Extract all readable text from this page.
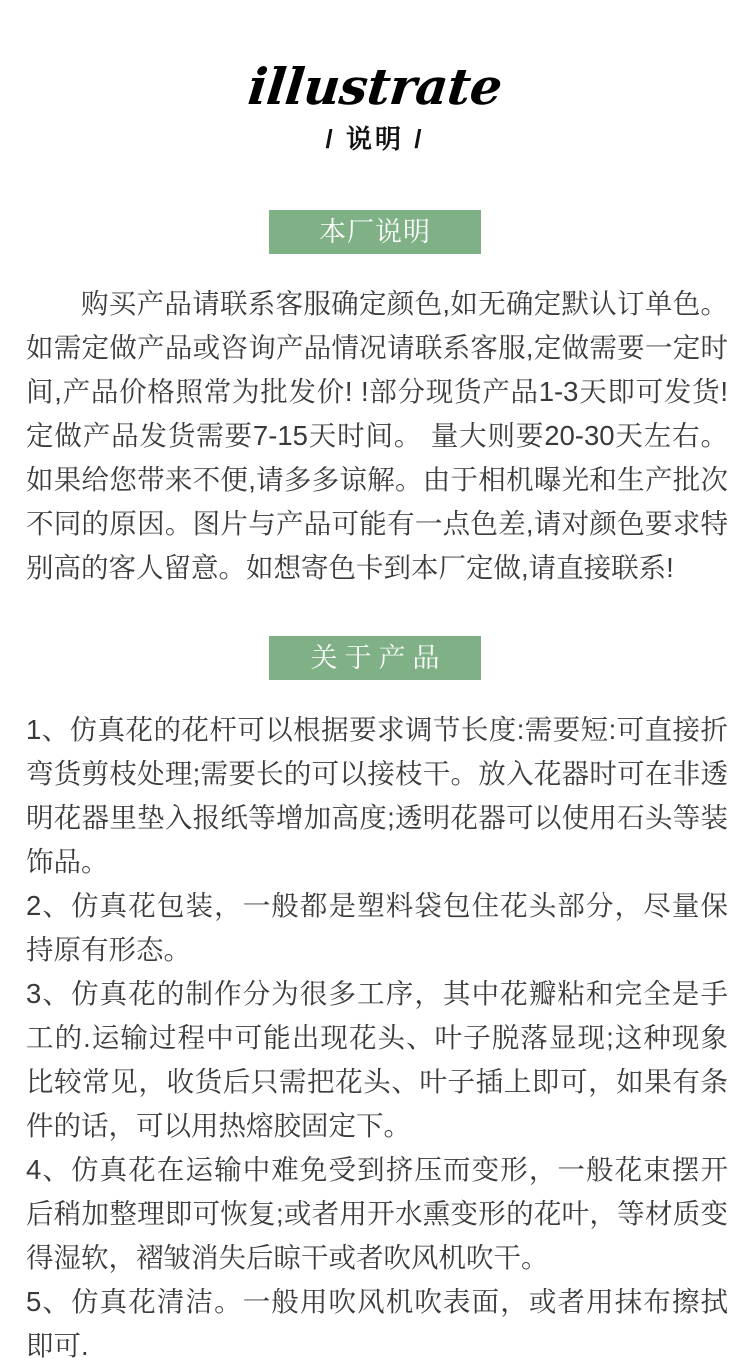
illustrate
/ 说明 /
本厂说明

购买产品请联系客服确定颜色,如无确定默认订单色。如需定做产品或咨询产品情况请联系客服,定做需要一定时间,产品价格照常为批发价! !部分现货产品1-3天即可发货!定做产品发货需要7-15天时间。 量大则要20-30天左右。如果给您带来不便,请多多谅解。由于相机曝光和生产批次不同的原因。图片与产品可能有一点色差,请对颜色要求特别高的客人留意。如想寄色卡到本厂定做,请直接联系!

关于产品
1、仿真花的花杆可以根据要求调节长度:需要短:可直接折弯货剪枝处理;需要长的可以接枝干。放入花器时可在非透明花器里垫入报纸等增加高度;透明花器可以使用石头等装饰品。
2、仿真花包装，一般都是塑料袋包住花头部分，尽量保持原有形态。
3、仿真花的制作分为很多工序，其中花瓣粘和完全是手工的.运输过程中可能出现花头、叶子脱落显现;这种现象比较常见，收货后只需把花头、叶子插上即可，如果有条件的话，可以用热熔胶固定下。
4、仿真花在运输中难免受到挤压而变形，一般花束摆开后稍加整理即可恢复;或者用开水熏变形的花叶，等材质变得湿软，褶皱消失后晾干或者吹风机吹干。
5、仿真花清洁。一般用吹风机吹表面，或者用抹布擦拭即可.
